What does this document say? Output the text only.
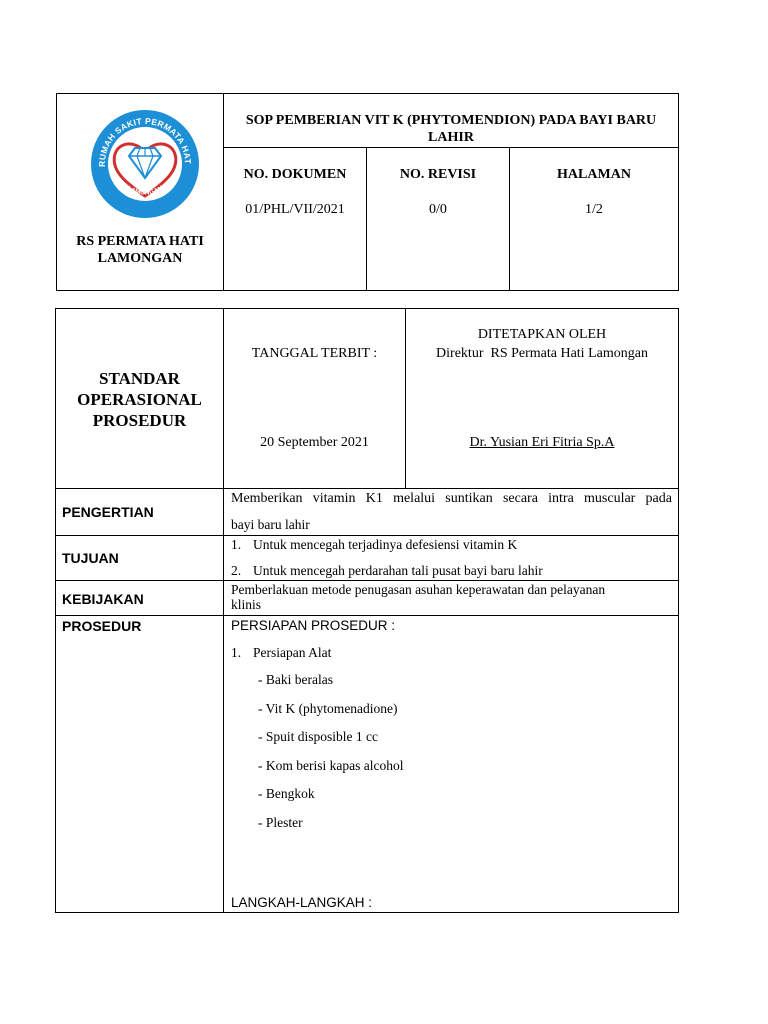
RUMAH SAKIT PERMATA HAT
LAMONGAN
RS PERMATA HATI LAMONGAN
SOP PEMBERIAN VIT K (PHYTOMENDION) PADA BAYI BARU LAHIR
NO. DOKUMEN
01/PHL/VII/2021
NO. REVISI
0/0
HALAMAN
1/2
STANDAR
OPERASIONAL
PROSEDUR
TANGGAL TERBIT :
20 September 2021
DITETAPKAN OLEH
Direktur  RS Permata Hati Lamongan
Dr. Yusian Eri Fitria Sp.A
PENGERTIAN
Memberikan vitamin K1 melalui suntikan secara intra muscular pada
bayi baru lahir
TUJUAN
1. Untuk mencegah terjadinya defesiensi vitamin K
2. Untuk mencegah perdarahan tali pusat bayi baru lahir
KEBIJAKAN
Pemberlakuan metode penugasan asuhan keperawatan dan pelayanan
klinis
PROSEDUR	PERSIAPAN PROSEDUR :
1. Persiapan Alat
- Baki beralas
- Vit K (phytomenadione)
- Spuit disposible 1 cc
- Kom berisi kapas alcohol
- Bengkok
- Plester
LANGKAH-LANGKAH :
